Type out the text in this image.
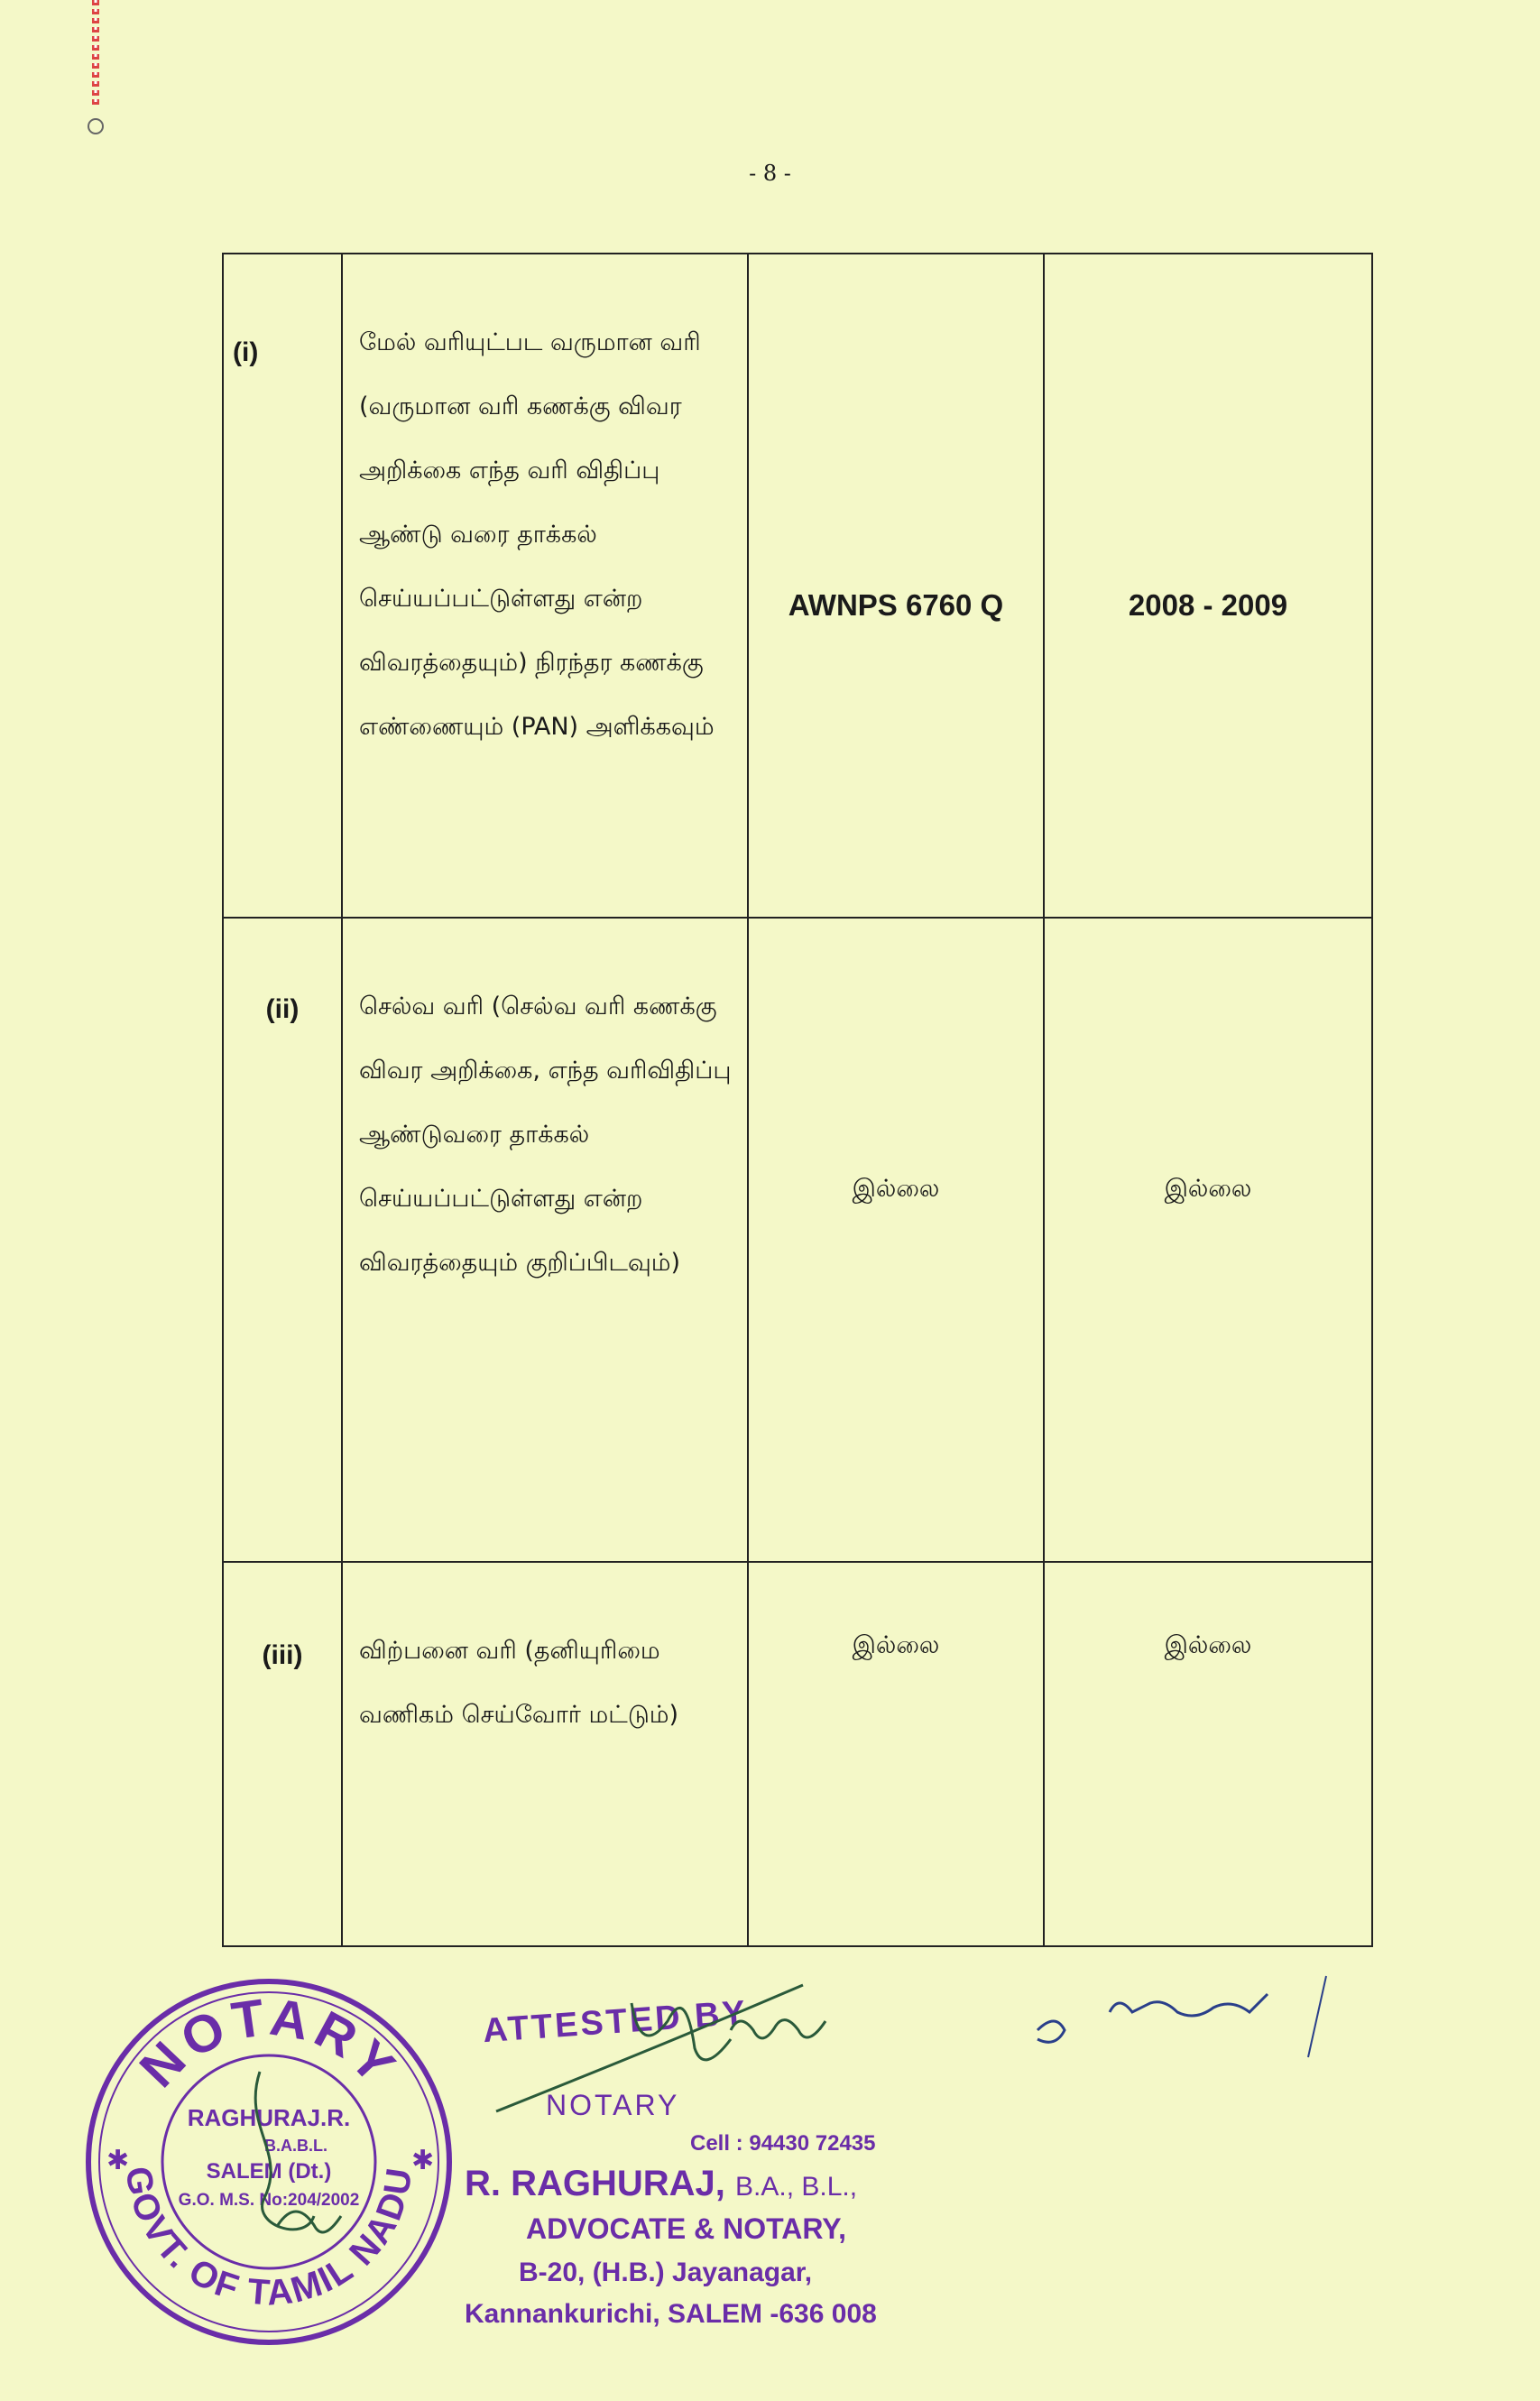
- 8 -
(i)	மேல் வரியுட்பட வருமான வரி (வருமான வரி கணக்கு விவர அறிக்கை எந்த வரி விதிப்பு ஆண்டு வரை தாக்கல் செய்யப்பட்டுள்ளது என்ற விவரத்தையும்) நிரந்தர கணக்கு எண்ணையும் (PAN) அளிக்கவும்	AWNPS 6760 Q	2008 - 2009

(ii)	செல்வ வரி (செல்வ வரி கணக்கு விவர அறிக்கை, எந்த வரிவிதிப்பு ஆண்டுவரை தாக்கல் செய்யப்பட்டுள்ளது என்ற விவரத்தையும் குறிப்பிடவும்)	இல்லை	இல்லை

(iii)	விற்பனை வரி (தனியுரிமை வணிகம் செய்வோர் மட்டும்)	இல்லை	இல்லை
NOTARY
GOVT. OF TAMIL NADU
✱	✱
RAGHURAJ.R.
B.A.B.L.
SALEM (Dt.)
G.O. M.S. No:204/2002
ATTESTED BY
NOTARY
Cell : 94430 72435
R. RAGHURAJ, B.A., B.L.,
ADVOCATE & NOTARY,
B-20, (H.B.) Jayanagar,
Kannankurichi, SALEM -636 008
